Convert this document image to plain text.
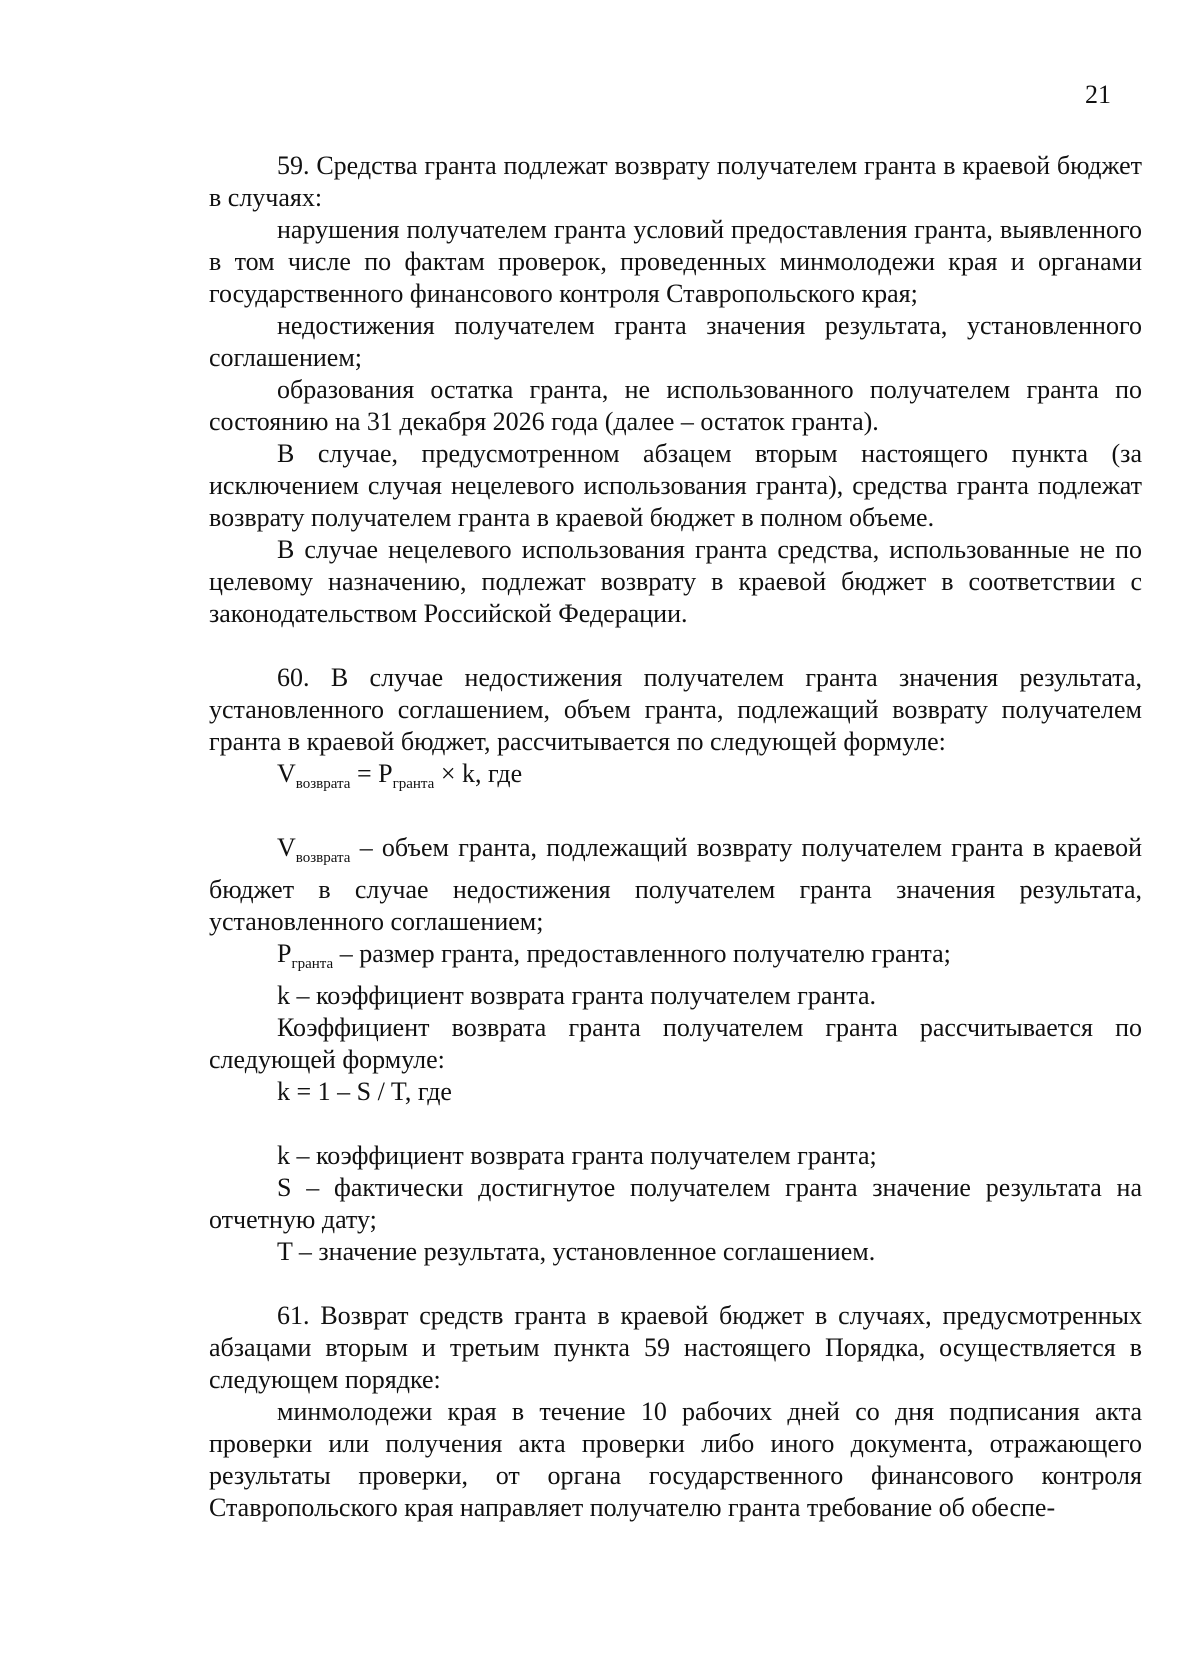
21

59. Средства гранта подлежат возврату получателем гранта в краевой бюджет в случаях:

нарушения получателем гранта условий предоставления гранта, выявленного в том числе по фактам проверок, проведенных минмолодежи края и органами государственного финансового контроля Ставропольского края;

недостижения получателем гранта значения результата, установленного соглашением;

образования остатка гранта, не использованного получателем гранта по состоянию на 31 декабря 2026 года (далее – остаток гранта).

В случае, предусмотренном абзацем вторым настоящего пункта (за исключением случая нецелевого использования гранта), средства гранта подлежат возврату получателем гранта в краевой бюджет в полном объеме.

В случае нецелевого использования гранта средства, использованные не по целевому назначению, подлежат возврату в краевой бюджет в соответствии с законодательством Российской Федерации.

60. В случае недостижения получателем гранта значения результата, установленного соглашением, объем гранта, подлежащий возврату получателем гранта в краевой бюджет, рассчитывается по следующей формуле:

$V_{возврата} = P_{гранта} \times k$, где

$V_{возврата}$ – объем гранта, подлежащий возврату получателем гранта в краевой бюджет в случае недостижения получателем гранта значения результата, установленного соглашением;

$P_{гранта}$ – размер гранта, предоставленного получателю гранта;

k – коэффициент возврата гранта получателем гранта.

Коэффициент возврата гранта получателем гранта рассчитывается по следующей формуле:

k = 1 – S / T, где

k – коэффициент возврата гранта получателем гранта;

S – фактически достигнутое получателем гранта значение результата на отчетную дату;

T – значение результата, установленное соглашением.

61. Возврат средств гранта в краевой бюджет в случаях, предусмотренных абзацами вторым и третьим пункта 59 настоящего Порядка, осуществляется в следующем порядке:

минмолодежи края в течение 10 рабочих дней со дня подписания акта проверки или получения акта проверки либо иного документа, отражающего результаты проверки, от органа государственного финансового контроля Ставропольского края направляет получателю гранта требование об обеспе-
